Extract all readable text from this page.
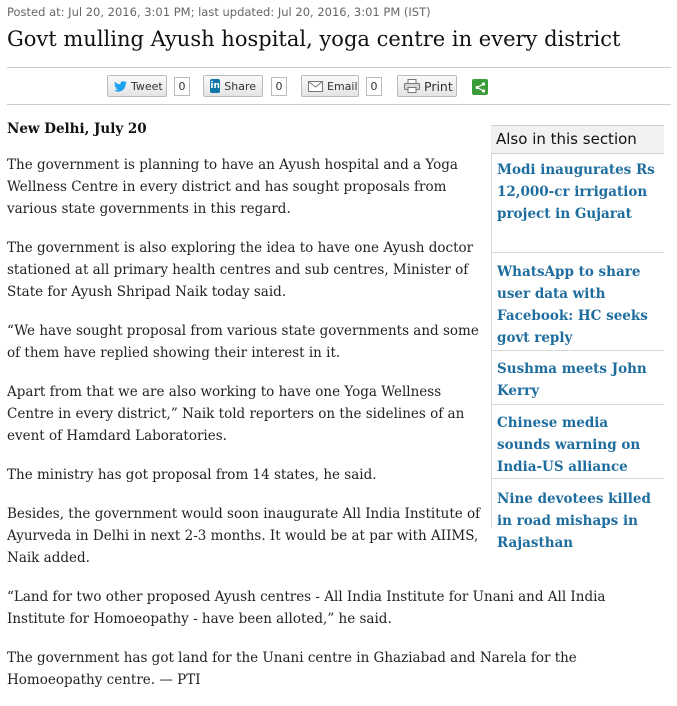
Posted at: Jul 20, 2016, 3:01 PM; last updated: Jul 20, 2016, 3:01 PM (IST)
Govt mulling Ayush hospital, yoga centre in every district
Tweet	0	in Share	0	Email	0	Print

New Delhi, July 20

The government is planning to have an Ayush hospital and a Yoga Wellness Centre in every district and has sought proposals from various state governments in this regard.

The government is also exploring the idea to have one Ayush doctor stationed at all primary health centres and sub centres, Minister of State for Ayush Shripad Naik today said.

“We have sought proposal from various state governments and some of them have replied showing their interest in it.

Apart from that we are also working to have one Yoga Wellness Centre in every district,” Naik told reporters on the sidelines of an event of Hamdard Laboratories.

The ministry has got proposal from 14 states, he said.

Besides, the government would soon inaugurate All India Institute of Ayurveda in Delhi in next 2-3 months. It would be at par with AIIMS, Naik added.

“Land for two other proposed Ayush centres - All India Institute for Unani and All India Institute for Homoeopathy - have been alloted,” he said.

The government has got land for the Unani centre in Ghaziabad and Narela for the Homoeopathy centre. — PTI

Also in this section
Modi inaugurates Rs 12,000-cr irrigation project in Gujarat
WhatsApp to share user data with Facebook: HC seeks govt reply
Sushma meets John Kerry
Chinese media sounds warning on India-US alliance
Nine devotees killed in road mishaps in Rajasthan
